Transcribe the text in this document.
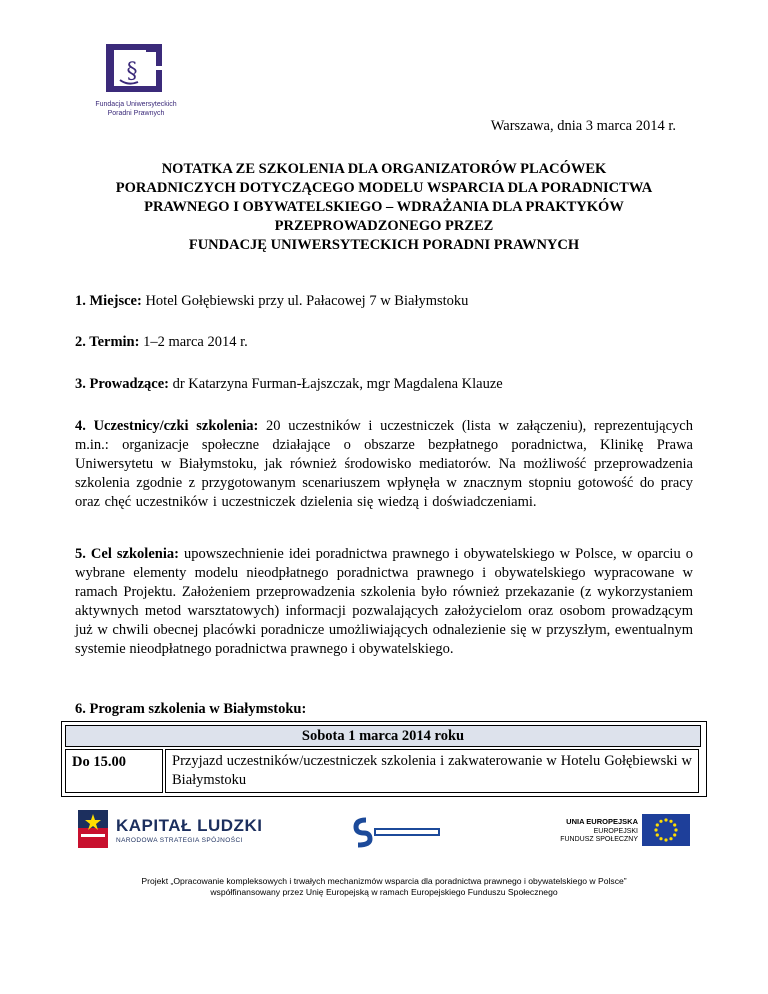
§
Fundacja Uniwersyteckich
Poradni Prawnych
Warszawa, dnia 3 marca 2014 r.
NOTATKA ZE SZKOLENIA DLA ORGANIZATORÓW PLACÓWEK
PORADNICZYCH DOTYCZĄCEGO MODELU WSPARCIA DLA PORADNICTWA
PRAWNEGO I OBYWATELSKIEGO – WDRAŻANIA DLA PRAKTYKÓW
PRZEPROWADZONEGO PRZEZ
FUNDACJĘ UNIWERSYTECKICH PORADNI PRAWNYCH
1. Miejsce: Hotel Gołębiewski przy ul. Pałacowej 7 w Białymstoku
2. Termin: 1–2 marca 2014 r.
3. Prowadzące: dr Katarzyna Furman-Łajszczak, mgr Magdalena Klauze
4. Uczestnicy/czki szkolenia: 20 uczestników i uczestniczek (lista w załączeniu), reprezentujących m.in.: organizacje społeczne działające o obszarze bezpłatnego poradnictwa, Klinikę Prawa Uniwersytetu w Białymstoku, jak również środowisko mediatorów. Na możliwość przeprowadzenia szkolenia zgodnie z przygotowanym scenariuszem wpłynęła w znacznym stopniu gotowość do pracy oraz chęć uczestników i uczestniczek dzielenia się wiedzą i doświadczeniami.
5. Cel szkolenia: upowszechnienie idei poradnictwa prawnego i obywatelskiego w Polsce, w oparciu o wybrane elementy modelu nieodpłatnego poradnictwa prawnego i obywatelskiego wypracowane w ramach Projektu. Założeniem przeprowadzenia szkolenia było również przekazanie (z wykorzystaniem aktywnych metod warsztatowych) informacji pozwalających założycielom oraz osobom prowadzącym już w chwili obecnej placówki poradnicze umożliwiających odnalezienie się w przyszłym, ewentualnym systemie nieodpłatnego poradnictwa prawnego i obywatelskiego.
6. Program szkolenia w Białymstoku:
Sobota 1 marca 2014 roku
Do 15.00	Przyjazd uczestników/uczestniczek szkolenia i zakwaterowanie w Hotelu Gołębiewski w Białymstoku
KAPITAŁ LUDZKI
NARODOWA STRATEGIA SPÓJNOŚCI
UNIA EUROPEJSKA
EUROPEJSKI
FUNDUSZ SPOŁECZNY
Projekt „Opracowanie kompleksowych i trwałych mechanizmów wsparcia dla poradnictwa prawnego i obywatelskiego w Polsce”
współfinansowany przez Unię Europejską w ramach Europejskiego Funduszu Społecznego
